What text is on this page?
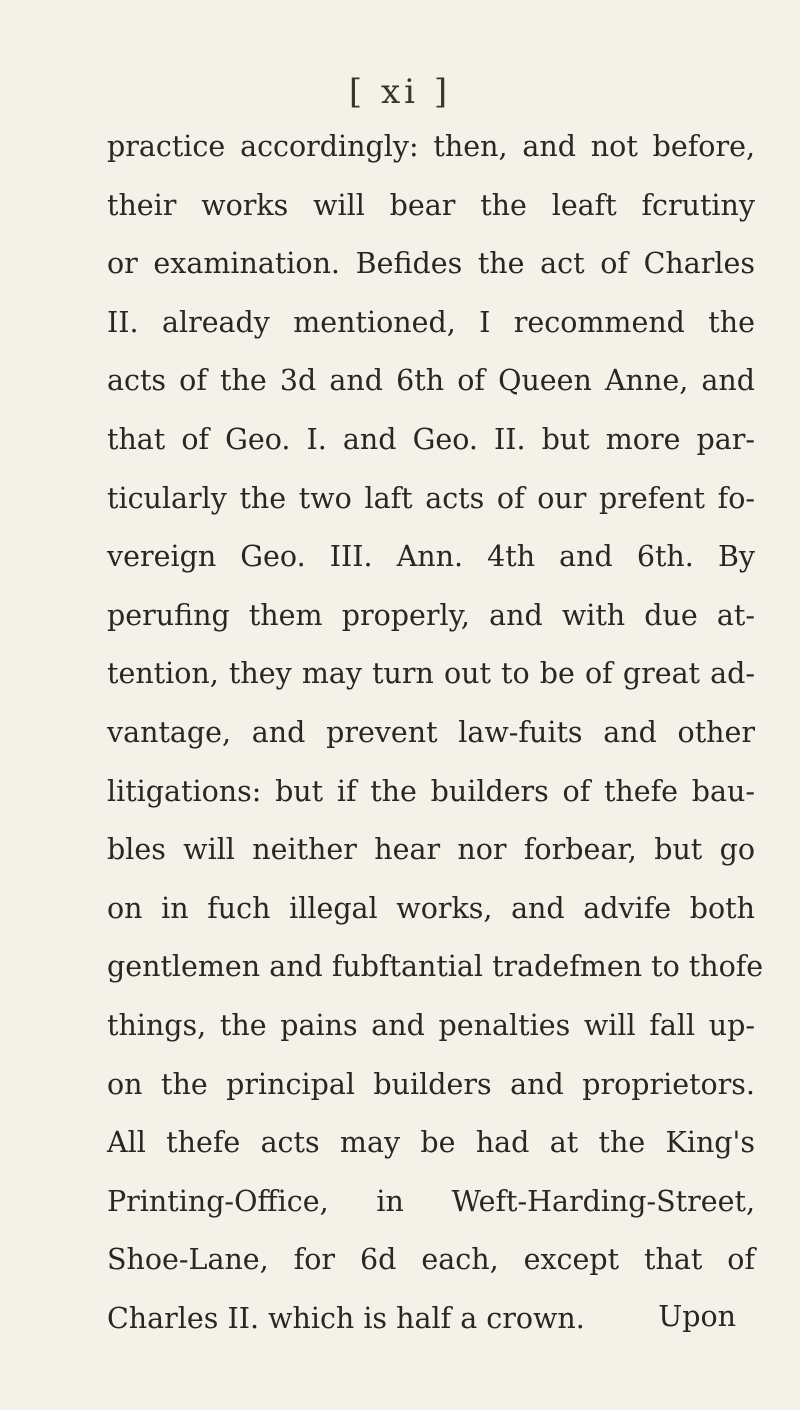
[ xi ]
practice accordingly: then, and not before,
their works will bear the leaft fcrutiny
or examination. Befides the act of Charles
II. already mentioned, I recommend the
acts of the 3d and 6th of Queen Anne, and
that of Geo. I. and Geo. II. but more par-
ticularly the two laft acts of our prefent fo-
vereign Geo. III. Ann. 4th and 6th. By
perufing them properly, and with due at-
tention, they may turn out to be of great ad-
vantage, and prevent law-fuits and other
litigations: but if the builders of thefe bau-
bles will neither hear nor forbear, but go
on in fuch illegal works, and advife both
gentlemen and fubftantial tradefmen to thofe
things, the pains and penalties will fall up-
on the principal builders and proprietors.
All thefe acts may be had at the King's
Printing-Office, in Weft-Harding-Street,
Shoe-Lane, for 6d each, except that of
Charles II. which is half a crown.	Upon
